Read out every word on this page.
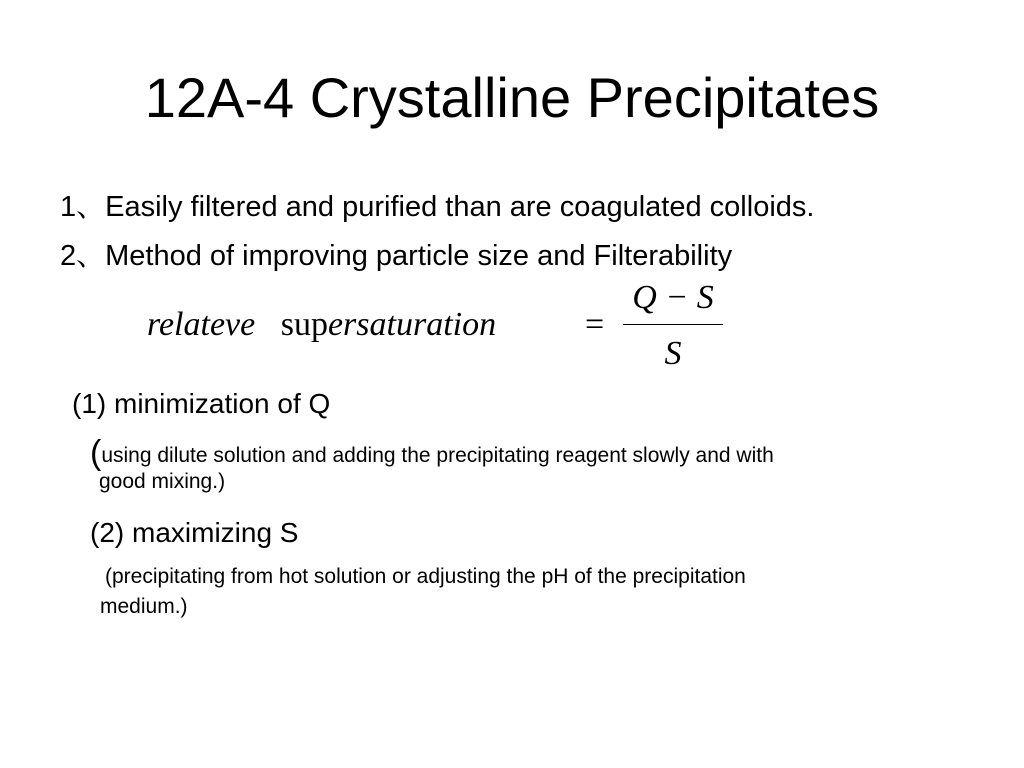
12A-4 Crystalline Precipitates
1、Easily filtered and purified than are coagulated colloids.
2、Method of improving particle size and Filterability
relateve supersaturation	=
Q − S
S
(1) minimization of Q
(using dilute solution and adding the precipitating reagent slowly and with
good mixing.)
(2) maximizing S
(precipitating from hot solution or adjusting the pH of the precipitation
medium.)
